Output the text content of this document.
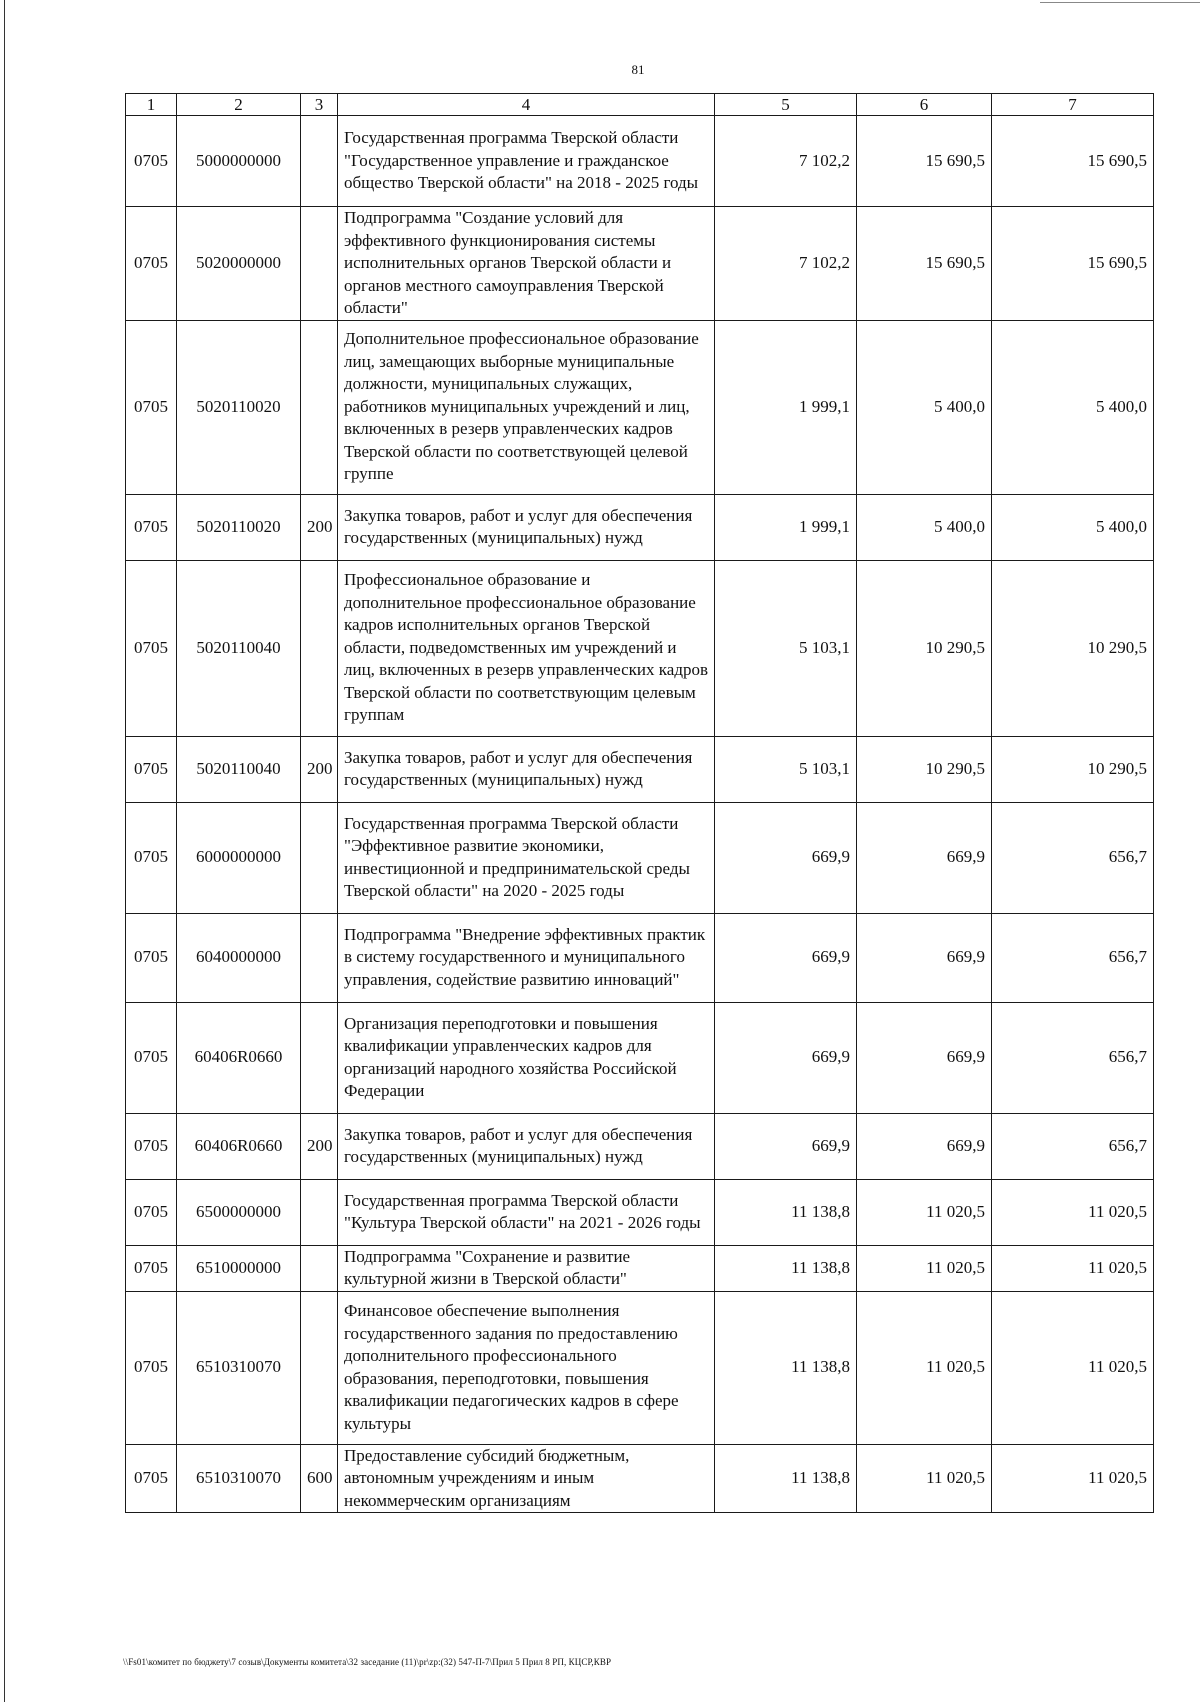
81
1	2	3	4	5	6	7
0705	5000000000		Государственная программа Тверской области "Государственное управление и гражданское общество Тверской области" на 2018 - 2025 годы	7 102,2	15 690,5	15 690,5
0705	5020000000		Подпрограмма "Создание условий для эффективного функционирования системы исполнительных органов Тверской области и органов местного самоуправления Тверской области"	7 102,2	15 690,5	15 690,5
0705	5020110020		Дополнительное профессиональное образование лиц, замещающих выборные муниципальные должности, муниципальных служащих, работников муниципальных учреждений и лиц, включенных в резерв управленческих кадров Тверской области по соответствующей целевой группе	1 999,1	5 400,0	5 400,0
0705	5020110020	200	Закупка товаров, работ и услуг для обеспечения государственных (муниципальных) нужд	1 999,1	5 400,0	5 400,0
0705	5020110040		Профессиональное образование и дополнительное профессиональное образование кадров исполнительных органов Тверской области, подведомственных им учреждений и лиц, включенных в резерв управленческих кадров Тверской области по соответствующим целевым группам	5 103,1	10 290,5	10 290,5
0705	5020110040	200	Закупка товаров, работ и услуг для обеспечения государственных (муниципальных) нужд	5 103,1	10 290,5	10 290,5
0705	6000000000		Государственная программа Тверской области "Эффективное развитие экономики, инвестиционной и предпринимательской среды Тверской области" на 2020 - 2025 годы	669,9	669,9	656,7
0705	6040000000		Подпрограмма "Внедрение эффективных практик в систему государственного и муниципального управления, содействие развитию инноваций"	669,9	669,9	656,7
0705	60406R0660		Организация переподготовки и повышения квалификации управленческих кадров для организаций народного хозяйства Российской Федерации	669,9	669,9	656,7
0705	60406R0660	200	Закупка товаров, работ и услуг для обеспечения государственных (муниципальных) нужд	669,9	669,9	656,7
0705	6500000000		Государственная программа Тверской области "Культура Тверской области" на 2021 - 2026 годы	11 138,8	11 020,5	11 020,5
0705	6510000000		Подпрограмма "Сохранение и развитие культурной жизни в Тверской области"	11 138,8	11 020,5	11 020,5
0705	6510310070		Финансовое обеспечение выполнения государственного задания по предоставлению дополнительного профессионального образования, переподготовки, повышения квалификации педагогических кадров в сфере культуры	11 138,8	11 020,5	11 020,5
0705	6510310070	600	Предоставление субсидий бюджетным, автономным учреждениям и иным некоммерческим организациям	11 138,8	11 020,5	11 020,5
\\Fs01\комитет по бюджету\7 созыв\Документы комитета\32 заседание (11)\pr\zp:(32) 547-П-7\Прил 5 Прил 8 РП, КЦСР,КВР
